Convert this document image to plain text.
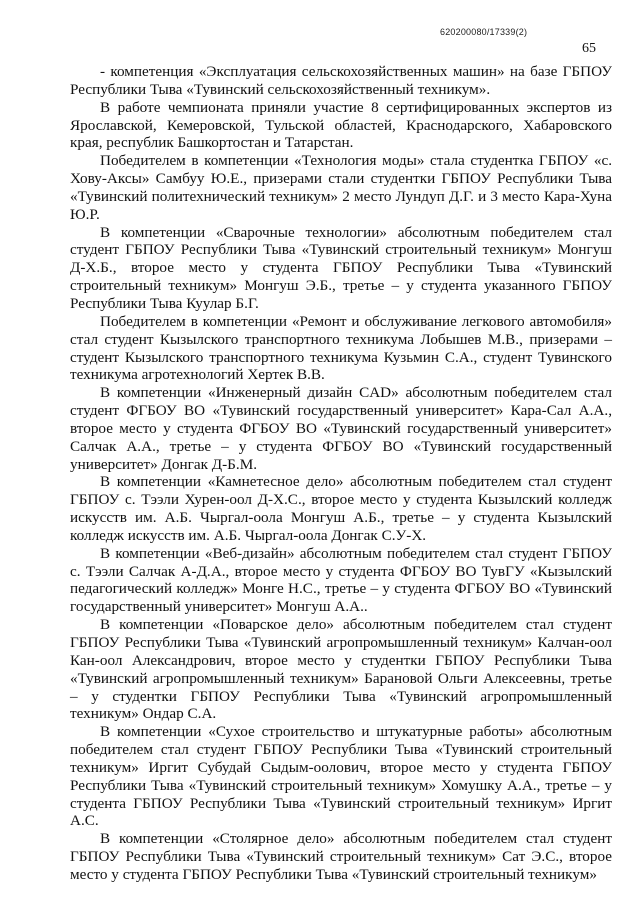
620200080/17339(2)
65

- компетенция «Эксплуатация сельскохозяйственных машин» на базе ГБПОУ Республики Тыва «Тувинский сельскохозяйственный техникум».

В работе чемпионата приняли участие 8 сертифицированных экспертов из Ярославской, Кемеровской, Тульской областей, Краснодарского, Хабаровского края, республик Башкортостан и Татарстан.

Победителем в компетенции «Технология моды» стала студентка ГБПОУ «с. Хову-Аксы» Самбуу Ю.Е., призерами стали студентки ГБПОУ Республики Тыва «Тувинский политехнический техникум» 2 место Лундуп Д.Г. и 3 место Кара-Хуна Ю.Р.

В компетенции «Сварочные технологии» абсолютным победителем стал студент ГБПОУ Республики Тыва «Тувинский строительный техникум» Монгуш Д-Х.Б., второе место у студента ГБПОУ Республики Тыва «Тувинский строительный техникум» Монгуш Э.Б., третье – у студента указанного ГБПОУ Республики Тыва Куулар Б.Г.

Победителем в компетенции «Ремонт и обслуживание легкового автомобиля» стал студент Кызылского транспортного техникума Лобышев М.В., призерами – студент Кызылского транспортного техникума Кузьмин С.А., студент Тувинского техникума агротехнологий Хертек В.В.

В компетенции «Инженерный дизайн CAD» абсолютным победителем стал студент ФГБОУ ВО «Тувинский государственный университет» Кара-Сал А.А., второе место у студента ФГБОУ ВО «Тувинский государственный университет» Салчак А.А., третье – у студента ФГБОУ ВО «Тувинский государственный университет» Донгак Д-Б.М.

В компетенции «Камнетесное дело» абсолютным победителем стал студент ГБПОУ с. Тээли Хурен-оол Д-Х.С., второе место у студента Кызылский колледж искусств им. А.Б. Чыргал-оола Монгуш А.Б., третье – у студента Кызылский колледж искусств им. А.Б. Чыргал-оола Донгак С.У-Х.

В компетенции «Веб-дизайн» абсолютным победителем стал студент ГБПОУ с. Тээли Салчак А-Д.А., второе место у студента ФГБОУ ВО ТувГУ «Кызылский педагогический колледж» Монге Н.С., третье – у студента ФГБОУ ВО «Тувинский государственный университет» Монгуш А.А..

В компетенции «Поварское дело» абсолютным победителем стал студент ГБПОУ Республики Тыва «Тувинский агропромышленный техникум» Калчан-оол Кан-оол Александрович, второе место у студентки ГБПОУ Республики Тыва «Тувинский агропромышленный техникум» Барановой Ольги Алексеевны, третье – у студентки ГБПОУ Республики Тыва «Тувинский агропромышленный техникум» Ондар С.А.

В компетенции «Сухое строительство и штукатурные работы» абсолютным победителем стал студент ГБПОУ Республики Тыва «Тувинский строительный техникум» Иргит Субудай Сыдым-оолович, второе место у студента ГБПОУ Республики Тыва «Тувинский строительный техникум» Хомушку А.А., третье – у студента ГБПОУ Республики Тыва «Тувинский строительный техникум» Иргит А.С.

В компетенции «Столярное дело» абсолютным победителем стал студент ГБПОУ Республики Тыва «Тувинский строительный техникум» Сат Э.С., второе место у студента ГБПОУ Республики Тыва «Тувинский строительный техникум»
